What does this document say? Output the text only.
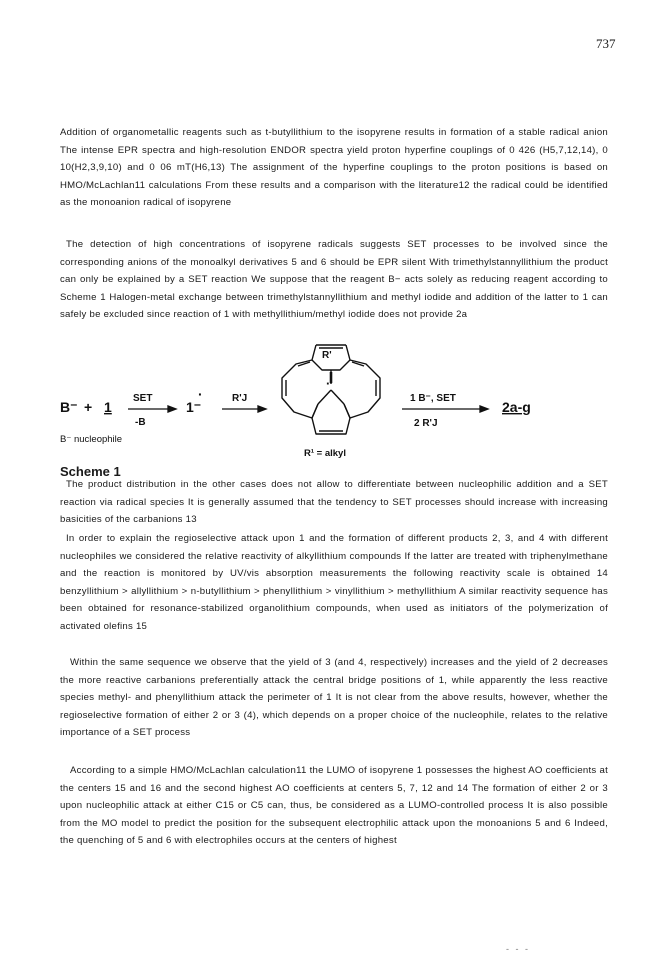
737

Addition of organometallic reagents such as t-butyllithium to the isopyrene results in formation of a stable radical anion The intense EPR spectra and high-resolution ENDOR spectra yield proton hyperfine couplings of 0 426 (H5,7,12,14), 0 10(H2,3,9,10) and 0 06 mT(H6,13) The assignment of the hyperfine couplings to the proton positions is based on HMO/McLachlan11 calculations From these results and a comparison with the literature12 the radical could be identified as the monoanion radical of isopyrene

The detection of high concentrations of isopyrene radicals suggests SET processes to be involved since the corresponding anions of the monoalkyl derivatives 5 and 6 should be EPR silent With trimethylstannyllithium the product can only be explained by a SET reaction We suppose that the reagent B− acts solely as reducing reagent according to Scheme 1 Halogen-metal exchange between trimethylstannyllithium and methyl iodide and addition of the latter to 1 can safely be excluded since reaction of 1 with methyllithium/methyl iodide does not provide 2a

B⁻ + 1
SET
-B
1⁻
·	R'J
R'
·
1 B⁻, SET
2 R'J
2a-g
B⁻ nucleophile
R¹ = alkyl
Scheme 1

The product distribution in the other cases does not allow to differentiate between nucleophilic addition and a SET reaction via radical species It is generally assumed that the tendency to SET processes should increase with increasing basicities of the carbanions 13

In order to explain the regioselective attack upon 1 and the formation of different products 2, 3, and 4 with different nucleophiles we considered the relative reactivity of alkyllithium compounds If the latter are treated with triphenylmethane and the reaction is monitored by UV/vis absorption measurements the following reactivity scale is obtained 14 benzyllithium > allyllithium > n-butyllithium > phenyllithium > vinyllithium > methyllithium A similar reactivity sequence has been obtained for resonance-stabilized organolithium compounds, when used as initiators of the polymerization of activated olefins 15

Within the same sequence we observe that the yield of 3 (and 4, respectively) increases and the yield of 2 decreases the more reactive carbanions preferentially attack the central bridge positions of 1, while apparently the less reactive species methyl- and phenyllithium attack the perimeter of 1 It is not clear from the above results, however, whether the regioselective formation of either 2 or 3 (4), which depends on a proper choice of the nucleophile, relates to the relative importance of a SET process

According to a simple HMO/McLachlan calculation11 the LUMO of isopyrene 1 possesses the highest AO coefficients at the centers 15 and 16 and the second highest AO coefficients at centers 5, 7, 12 and 14 The formation of either 2 or 3 upon nucleophilic attack at either C15 or C5 can, thus, be considered as a LUMO-controlled process It is also possible from the MO model to predict the position for the subsequent electrophilic attack upon the monoanions 5 and 6 Indeed, the quenching of 5 and 6 with electrophiles occurs at the centers of highest

- - -
